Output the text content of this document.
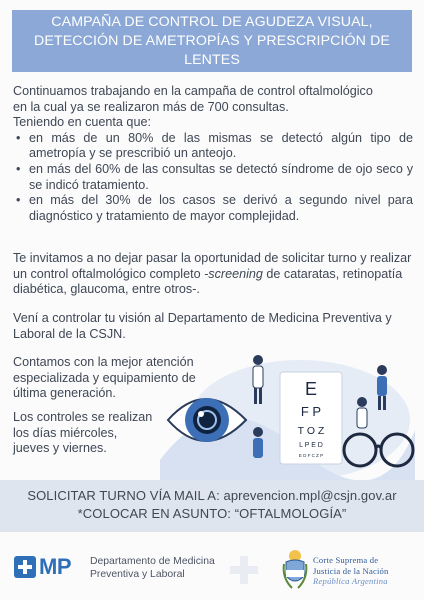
CAMPAÑA DE CONTROL DE AGUDEZA VISUAL,
DETECCIÓN DE AMETROPÍAS Y PRESCRIPCIÓN DE
LENTES

Continuamos trabajando en la campaña de control oftalmológico

en la cual ya se realizaron más de 700 consultas.

Teniendo en cuenta que:

• en más de un 80% de las mismas se detectó algún tipo de ametropía y se prescribió un anteojo.
• en más del 60% de las consultas se detectó síndrome de ojo seco y se indicó tratamiento.
• en más del 30% de los casos se derivó a segundo nivel para diagnóstico y tratamiento de mayor complejidad.

Te invitamos a no dejar pasar la oportunidad de solicitar turno y realizar un control oftalmológico completo -screening de cataratas, retinopatía diabética, glaucoma, entre otros-.

Vení a controlar tu visión al Departamento de Medicina Preventiva y Laboral de la CSJN.

Contamos con la mejor atención especializada y equipamiento de última generación.

Los controles se realizan los días miércoles, jueves y viernes.

E
F P
T O Z
L P E D
E D F C Z P
SOLICITAR TURNO VÍA MAIL A: aprevencion.mpl@csjn.gov.ar
*COLOCAR EN ASUNTO: “OFTALMOLOGÍA”
MP Departamento de Medicina
Preventiva y Laboral
Corte Suprema de
Justicia de la Nación
República Argentina
